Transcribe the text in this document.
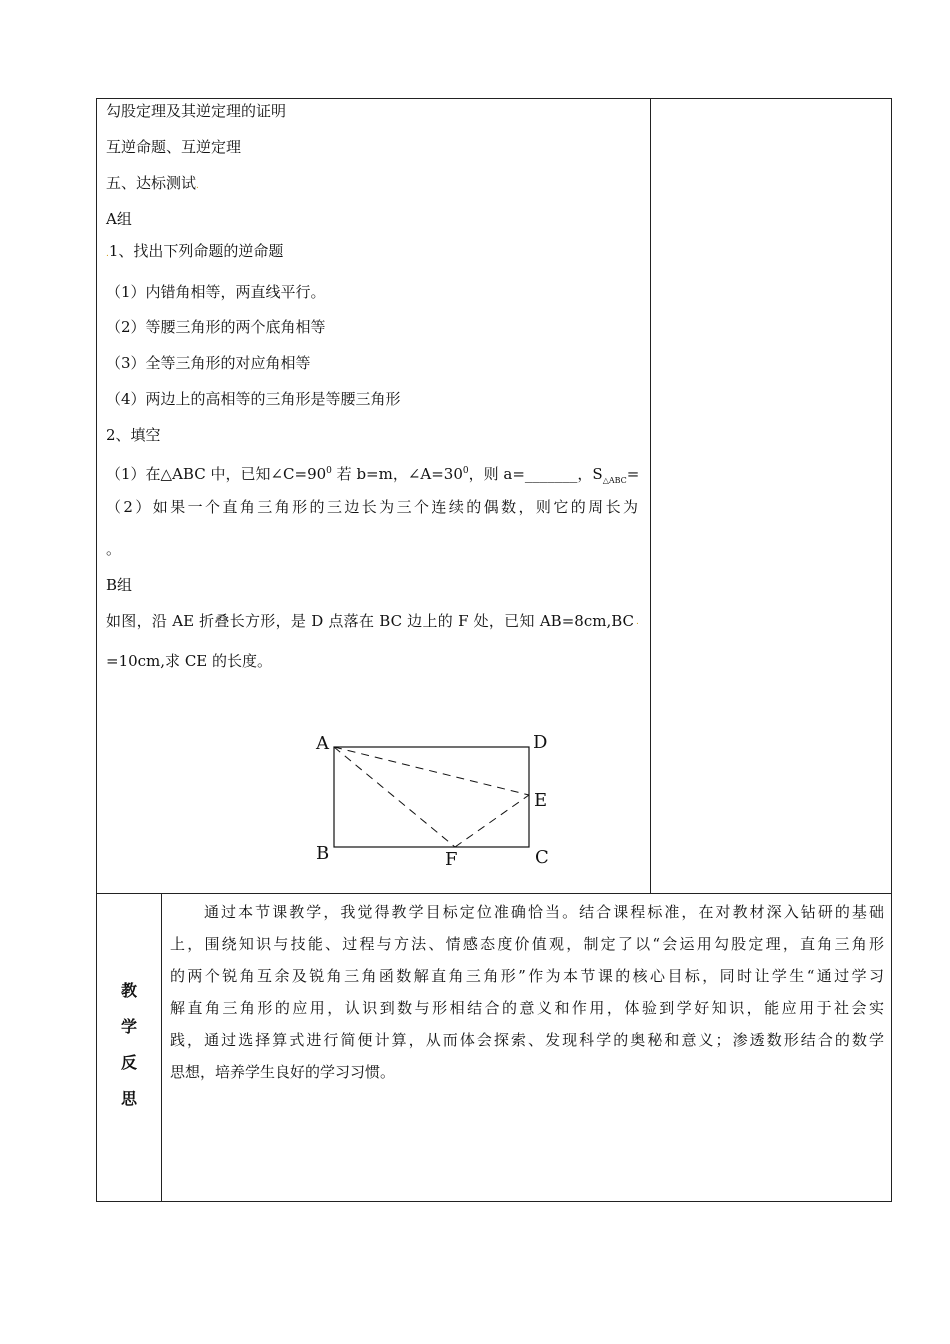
勾股定理及其逆定理的证明
互逆命题、互逆定理
五、达标测试.
A组
.1、找出下列命题的逆命题
（1）内错角相等，两直线平行。
（2）等腰三角形的两个底角相等
（3）全等三角形的对应角相等
（4）两边上的高相等的三角形是等腰三角形
2、填空
（1）在△ABC 中，已知$\angle C=90^0$ 若 b=m，$\angle A=30^0$，则 a=_______，$S_{\triangle ABC}=$
（2）如果一个直角三角形的三边长为三个连续的偶数，则它的周长为
。
B组
如图，沿 AE 折叠长方形，是 D 点落在 BC 边上的 F 处，已知 AB=8cm,BC .
=10cm,求 CE 的长度。
A	D
E
B	F	C
教
学
反
思

通过本节课教学，我觉得教学目标定位准确恰当。结合课程标准，在对教材深入钻研的基础

上，围绕知识与技能、过程与方法、情感态度价值观，制定了以“会运用勾股定理，直角三角形

的两个锐角互余及锐角三角函数解直角三角形”作为本节课的核心目标，同时让学生“通过学习

解直角三角形的应用，认识到数与形相结合的意义和作用，体验到学好知识，能应用于社会实

践，通过选择算式进行简便计算，从而体会探索、发现科学的奥秘和意义；渗透数形结合的数学

思想，培养学生良好的学习习惯。
